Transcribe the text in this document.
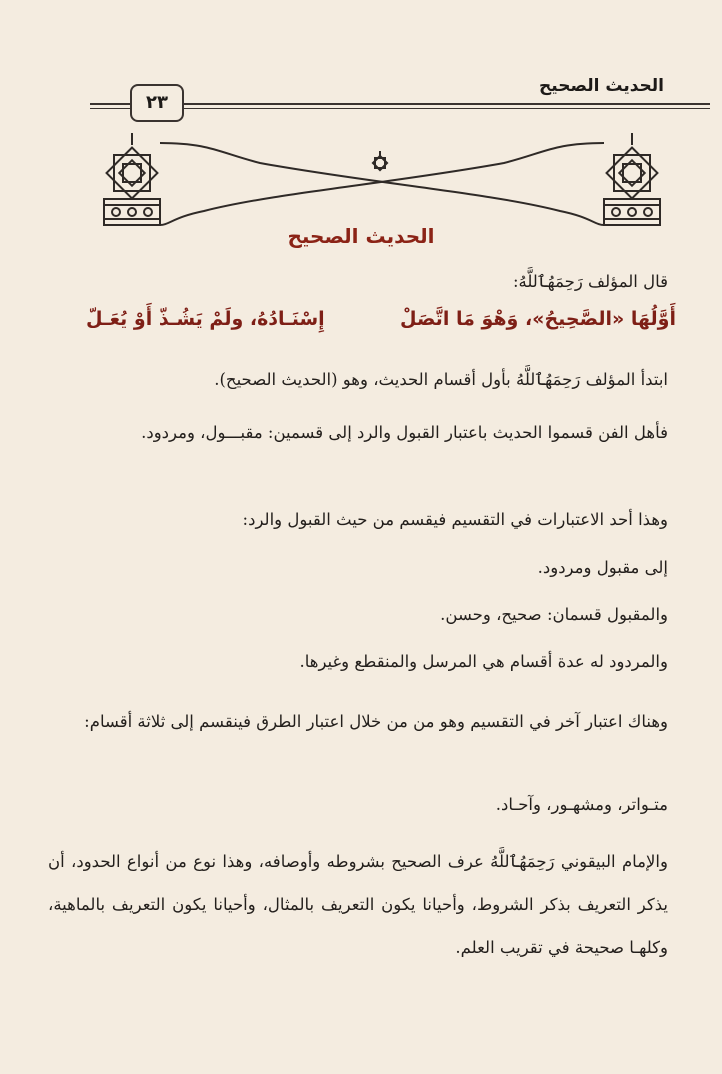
الحديث الصحيح
٢٣
الحديث الصحيح
قال المؤلف رَحِمَهُٱللَّهُ:
أَوَّلُهَا «الصَّحِيحُ»، وَهْوَ مَا اتَّصَلْ
إِسْنَـادُهُ، ولَمْ يَشُـذّ أَوْ يُعَـلّ
ابتدأ المؤلف رَحِمَهُٱللَّهُ بأول أقسام الحديث، وهو (الحديث الصحيح).
فأهل الفن قسموا الحديث باعتبار القبول والرد إلى قسمين: مقبـــول، ومردود.
وهذا أحد الاعتبارات في التقسيم فيقسم من حيث القبول والرد:
إلى مقبول ومردود.
والمقبول قسمان: صحيح، وحسن.
والمردود له عدة أقسام هي المرسل والمنقطع وغيرها.
وهناك اعتبار آخر في التقسيم وهو من من خلال اعتبار الطرق فينقسم إلى ثلاثة أقسام:
متـواتر، ومشهـور، وآحـاد.
والإمام البيقوني رَحِمَهُٱللَّهُ عرف الصحيح بشروطه وأوصافه، وهذا نوع من أنواع الحدود، أن يذكر التعريف بذكر الشروط، وأحيانا يكون التعريف بالمثال، وأحيانا يكون التعريف بالماهية، وكلهـا صحيحة في تقريب العلم.
